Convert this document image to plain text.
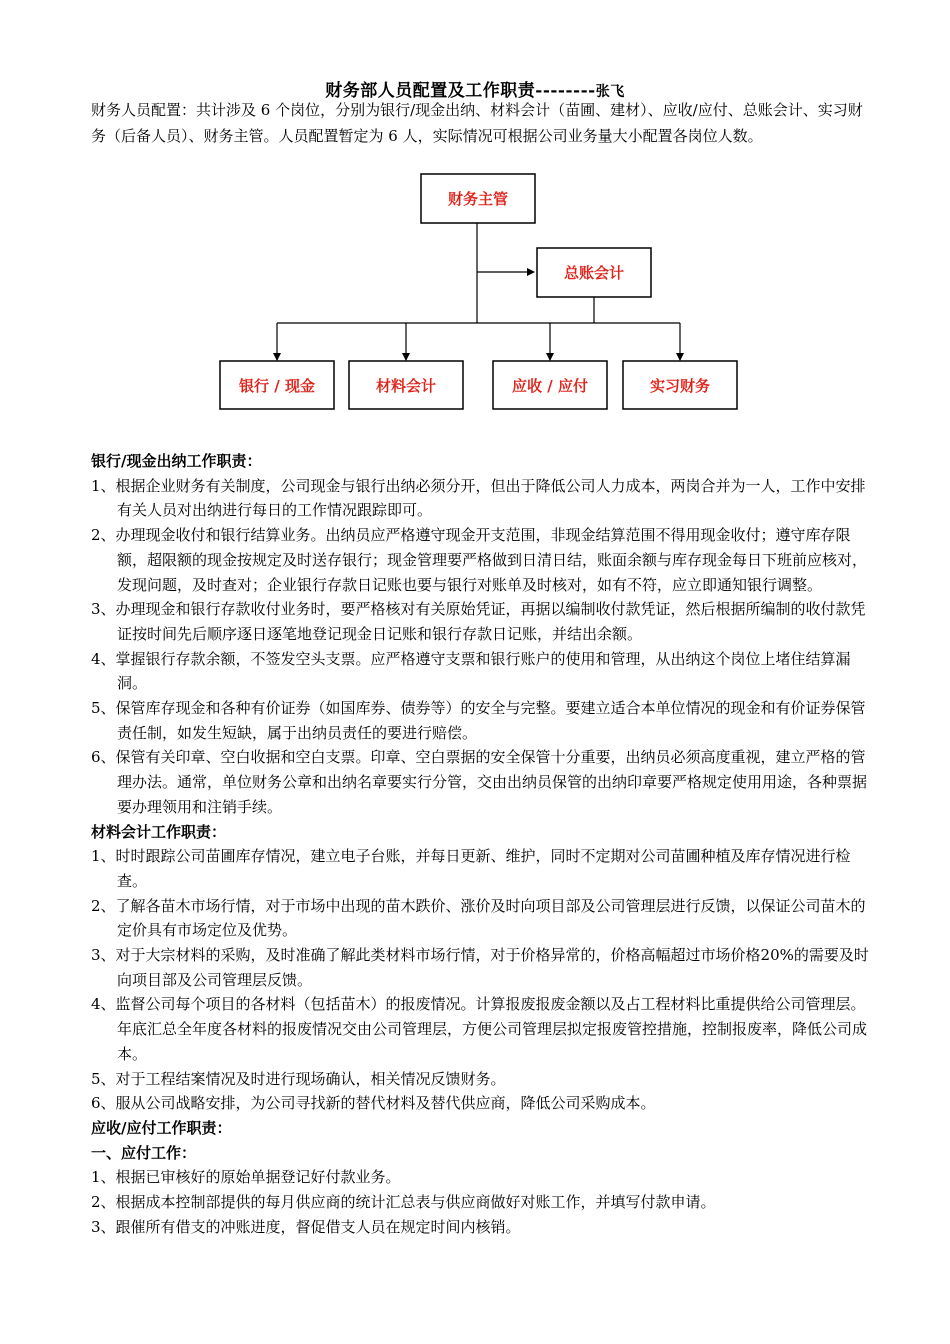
财务部人员配置及工作职责--------张飞
财务人员配置：共计涉及 6 个岗位，分别为银行/现金出纳、材料会计（苗圃、建材）、应收/应付、总账会计、实习财务（后备人员）、财务主管。人员配置暂定为 6 人，实际情况可根据公司业务量大小配置各岗位人数。
财务主管
总账会计
银行 / 现金	材料会计	应收 / 应付	实习财务
银行/现金出纳工作职责：
1、根据企业财务有关制度，公司现金与银行出纳必须分开，但出于降低公司人力成本，两岗合并为一人，工作中安排有关人员对出纳进行每日的工作情况跟踪即可。
2、办理现金收付和银行结算业务。出纳员应严格遵守现金开支范围，非现金结算范围不得用现金收付；遵守库存限额，超限额的现金按规定及时送存银行；现金管理要严格做到日清日结，账面余额与库存现金每日下班前应核对，发现问题，及时查对；企业银行存款日记账也要与银行对账单及时核对，如有不符，应立即通知银行调整。
3、办理现金和银行存款收付业务时，要严格核对有关原始凭证，再据以编制收付款凭证，然后根据所编制的收付款凭证按时间先后顺序逐日逐笔地登记现金日记账和银行存款日记账，并结出余额。
4、掌握银行存款余额，不签发空头支票。应严格遵守支票和银行账户的使用和管理，从出纳这个岗位上堵住结算漏洞。
5、保管库存现金和各种有价证券（如国库券、债券等）的安全与完整。要建立适合本单位情况的现金和有价证券保管责任制，如发生短缺，属于出纳员责任的要进行赔偿。
6、保管有关印章、空白收据和空白支票。印章、空白票据的安全保管十分重要，出纳员必须高度重视，建立严格的管理办法。通常，单位财务公章和出纳名章要实行分管，交由出纳员保管的出纳印章要严格规定使用用途，各种票据要办理领用和注销手续。
材料会计工作职责：
1、时时跟踪公司苗圃库存情况，建立电子台账，并每日更新、维护，同时不定期对公司苗圃种植及库存情况进行检查。
2、了解各苗木市场行情，对于市场中出现的苗木跌价、涨价及时向项目部及公司管理层进行反馈，以保证公司苗木的定价具有市场定位及优势。
3、对于大宗材料的采购，及时准确了解此类材料市场行情，对于价格异常的，价格高幅超过市场价格20%的需要及时向项目部及公司管理层反馈。
4、监督公司每个项目的各材料（包括苗木）的报废情况。计算报废报废金额以及占工程材料比重提供给公司管理层。年底汇总全年度各材料的报废情况交由公司管理层，方便公司管理层拟定报废管控措施，控制报废率，降低公司成本。
5、对于工程结案情况及时进行现场确认，相关情况反馈财务。
6、服从公司战略安排，为公司寻找新的替代材料及替代供应商，降低公司采购成本。
应收/应付工作职责：
一、应付工作：
1、根据已审核好的原始单据登记好付款业务。
2、根据成本控制部提供的每月供应商的统计汇总表与供应商做好对账工作，并填写付款申请。
3、跟催所有借支的冲账进度，督促借支人员在规定时间内核销。
